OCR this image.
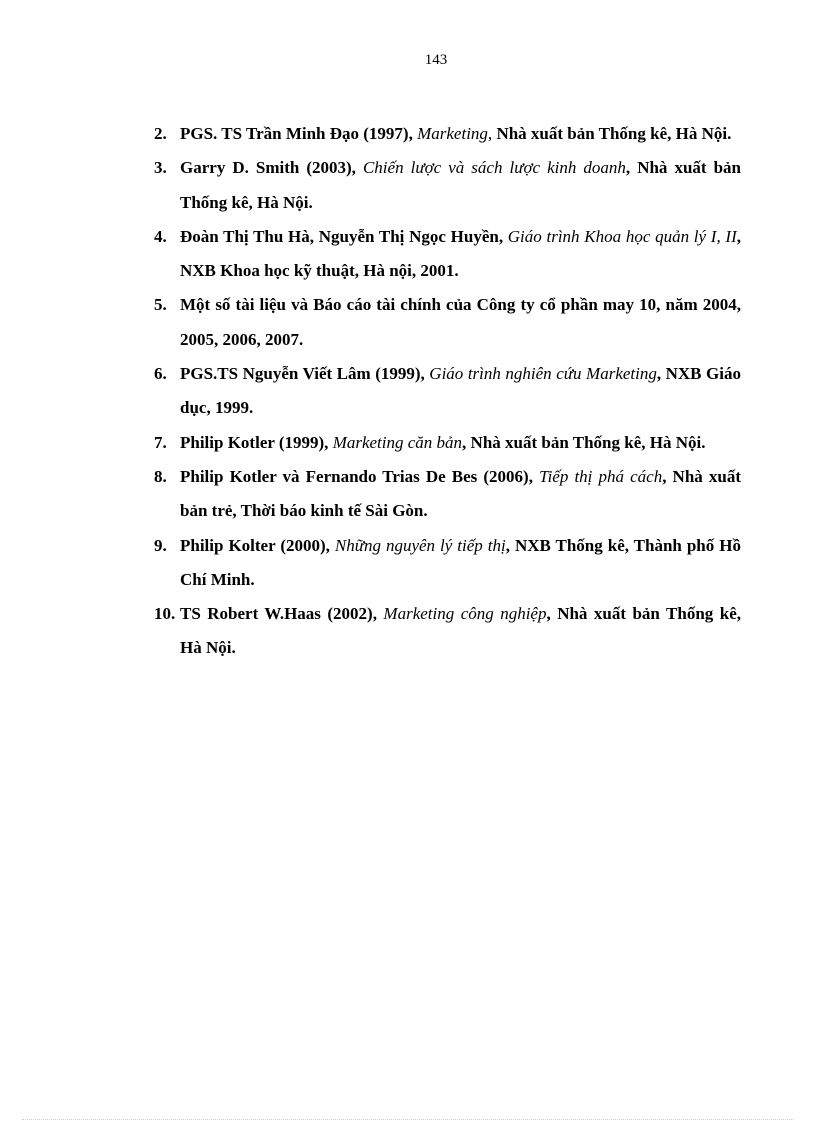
143
2. PGS. TS Trần Minh Đạo (1997), Marketing, Nhà xuất bản Thống kê, Hà Nội.
3. Garry D. Smith (2003), Chiến lược và sách lược kinh doanh, Nhà xuất bản Thống kê, Hà Nội.
4. Đoàn Thị Thu Hà, Nguyễn Thị Ngọc Huyền, Giáo trình Khoa học quản lý I, II, NXB Khoa học kỹ thuật, Hà nội, 2001.
5. Một số tài liệu và Báo cáo tài chính của Công ty cổ phần may 10, năm 2004, 2005, 2006, 2007.
6. PGS.TS Nguyễn Viết Lâm (1999), Giáo trình nghiên cứu Marketing, NXB Giáo dục, 1999.
7. Philip Kotler (1999), Marketing căn bản, Nhà xuất bản Thống kê, Hà Nội.
8. Philip Kotler và Fernando Trias De Bes (2006), Tiếp thị phá cách, Nhà xuất bản trẻ, Thời báo kinh tế Sài Gòn.
9. Philip Kolter (2000), Những nguyên lý tiếp thị, NXB Thống kê, Thành phố Hồ Chí Minh.
10. TS Robert W.Haas (2002), Marketing công nghiệp, Nhà xuất bản Thống kê, Hà Nội.
